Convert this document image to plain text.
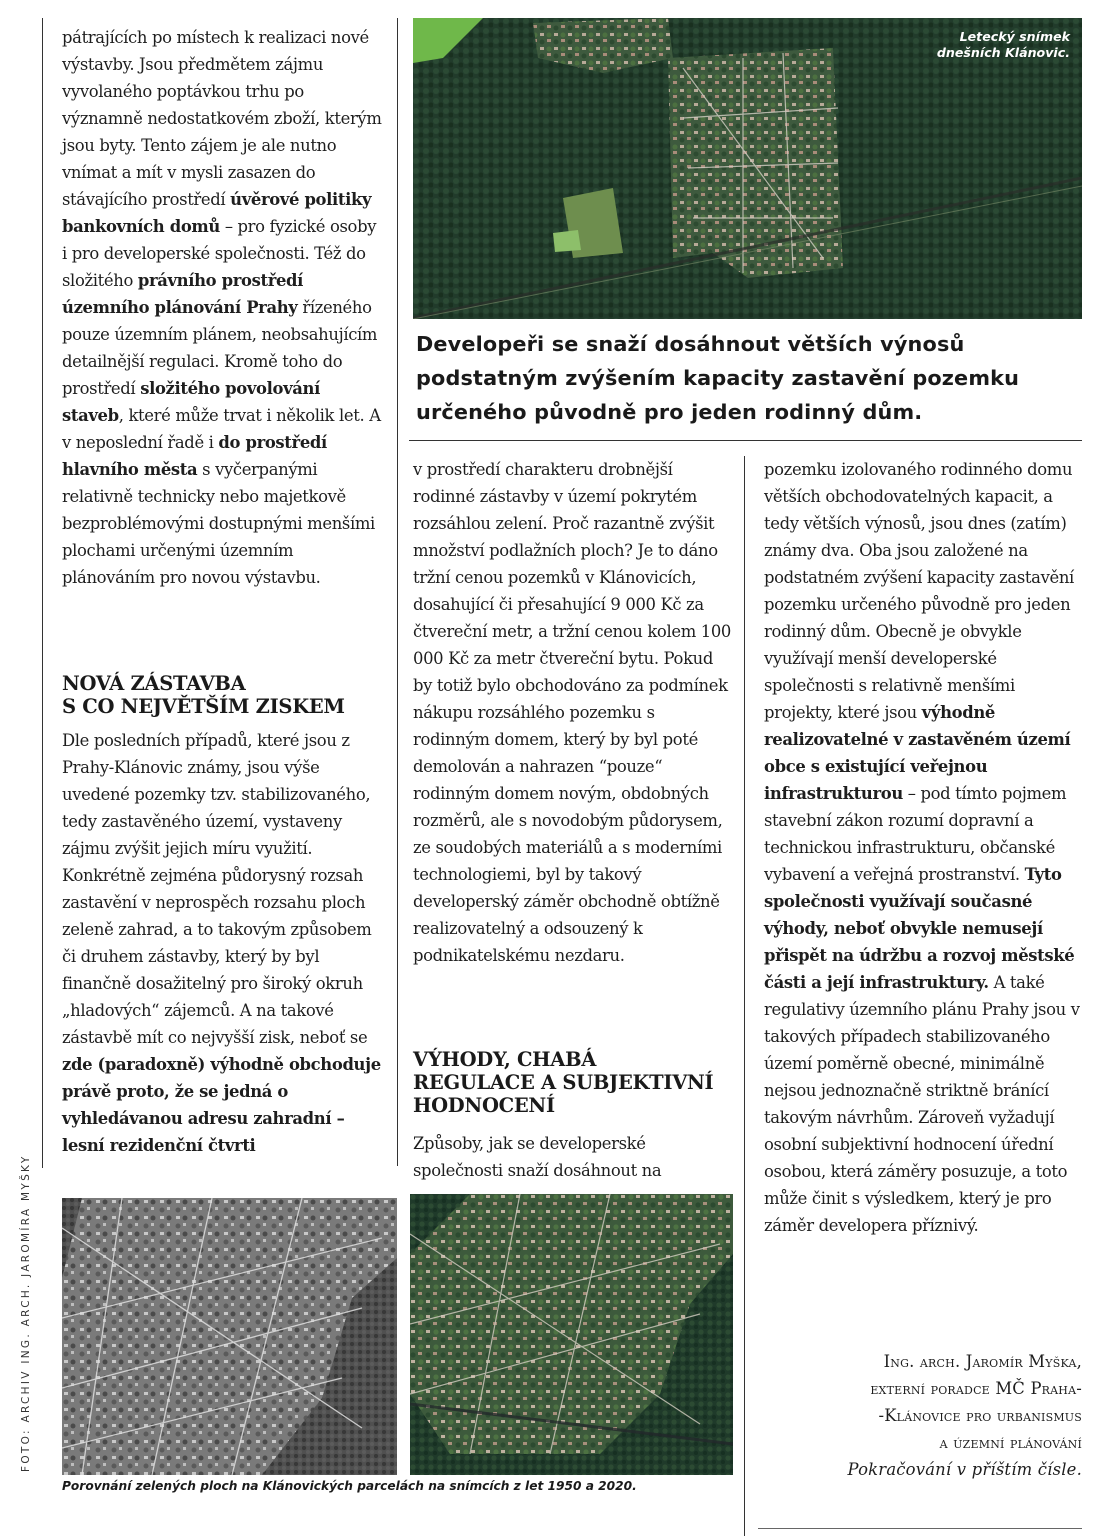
pátrajících po místech k realizaci nové výstavby. Jsou předmětem zájmu vyvolaného poptávkou trhu po významně nedostatkovém zboží, kterým jsou byty. Tento zájem je ale nutno vnímat a mít v mysli zasazen do stávajícího prostředí úvěrové politiky bankovních domů – pro fyzické osoby i pro developerské společnosti. Též do složitého právního prostředí územního plánování Prahy řízeného pouze územním plánem, neobsahujícím detailnější regulaci. Kromě toho do prostředí složitého povolování staveb, které může trvat i několik let. A v neposlední řadě i do prostředí hlavního města s vyčerpanými relativně technicky nebo majetkově bezproblémovými dostupnými menšími plochami určenými územním plánováním pro novou výstavbu.

NOVÁ ZÁSTAVBA
S CO NEJVĚTŠÍM ZISKEM

Dle posledních případů, které jsou z Prahy-Klánovic známy, jsou výše uvedené pozemky tzv. stabilizovaného, tedy zastavěného území, vystaveny zájmu zvýšit jejich míru využití. Konkrétně zejména půdorysný rozsah zastavění v neprospěch rozsahu ploch zeleně zahrad, a to takovým způsobem či druhem zástavby, který by byl finančně dosažitelný pro široký okruh „hladových“ zájemců. A na takové zástavbě mít co nejvyšší zisk, neboť se zde (paradoxně) výhodně obchoduje právě proto, že se jedná o vyhledávanou adresu zahradní – lesní rezidenční čtvrti

Letecký snímek
dnešních Klánovic.
Developeři se snaží dosáhnout větších výnosů podstatným zvýšením kapacity zastavění pozemku určeného původně pro jeden rodinný dům.

v prostředí charakteru drobnější rodinné zástavby v území pokrytém rozsáhlou zelení. Proč razantně zvýšit množství podlažních ploch? Je to dáno tržní cenou pozemků v Klánovicích, dosahující či přesahující 9 000 Kč za čtvereční metr, a tržní cenou kolem 100 000 Kč za metr čtvereční bytu. Pokud by totiž bylo obchodováno za podmínek nákupu rozsáhlého pozemku s rodinným domem, který by byl poté demolován a nahrazen “pouze“ rodinným domem novým, obdobných rozměrů, ale s novodobým půdorysem, ze soudobých materiálů a s moderními technologiemi, byl by takový developerský záměr obchodně obtížně realizovatelný a odsouzený k podnikatelskému nezdaru.

VÝHODY, CHABÁ
REGULACE A SUBJEKTIVNÍ
HODNOCENÍ

Způsoby, jak se developerské společnosti snaží dosáhnout na

pozemku izolovaného rodinného domu větších obchodovatelných kapacit, a tedy větších výnosů, jsou dnes (zatím) známy dva. Oba jsou založené na podstatném zvýšení kapacity zastavění pozemku určeného původně pro jeden rodinný dům. Obecně je obvykle využívají menší developerské společnosti s relativně menšími projekty, které jsou výhodně realizovatelné v zastavěném území obce s existující veřejnou infrastrukturou – pod tímto pojmem stavební zákon rozumí dopravní a technickou infrastrukturu, občanské vybavení a veřejná prostranství. Tyto společnosti využívají současné výhody, neboť obvykle nemusejí přispět na údržbu a rozvoj městské části a její infrastruktury. A také regulativy územního plánu Prahy jsou v takových případech stabilizovaného území poměrně obecné, minimálně nejsou jednoznačně striktně bránící takovým návrhům. Zároveň vyžadují osobní subjektivní hodnocení úřední osobou, která záměry posuzuje, a toto může činit s výsledkem, který je pro záměr developera příznivý.

Ing. arch. Jaromír Myška,
externí poradce MČ Praha-
-Klánovice pro urbanismus
a územní plánování
Pokračování v příštím čísle.
Porovnání zelených ploch na Klánovických parcelách na snímcích z let 1950 a 2020.
FOTO: ARCHIV ING. ARCH. JAROMÍRA MYŠKY
